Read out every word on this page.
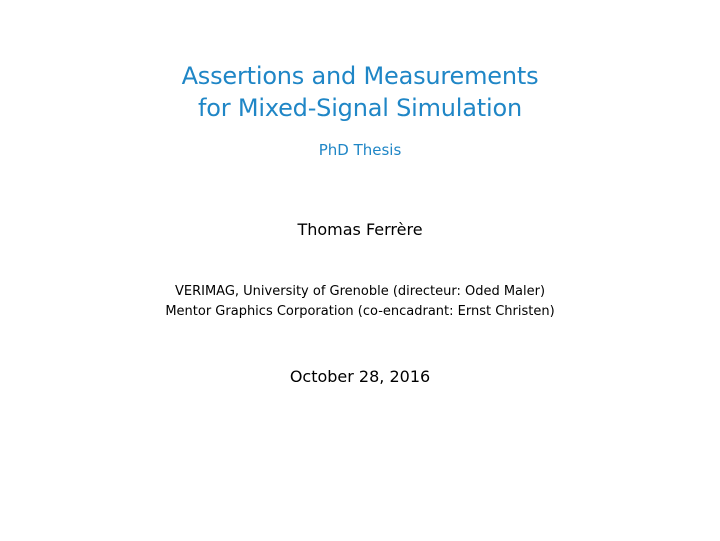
Assertions and Measurements
for Mixed-Signal Simulation
PhD Thesis
Thomas Ferrère
VERIMAG, University of Grenoble (directeur: Oded Maler)
Mentor Graphics Corporation (co-encadrant: Ernst Christen)
October 28, 2016
